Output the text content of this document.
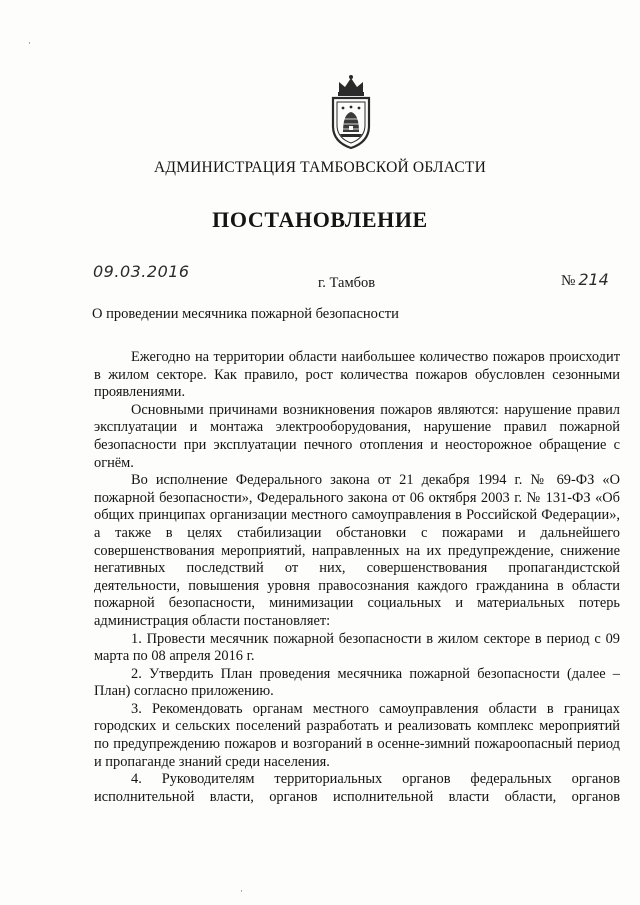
АДМИНИСТРАЦИЯ ТАМБОВСКОЙ ОБЛАСТИ
ПОСТАНОВЛЕНИЕ
09.03.2016
г. Тамбов	№ 214
О проведении месячника пожарной безопасности

Ежегодно на территории области наибольшее количество пожаров происходит в жилом секторе. Как правило, рост количества пожаров обусловлен сезонными проявлениями.

Основными причинами возникновения пожаров являются: нарушение правил эксплуатации и монтажа электрооборудования, нарушение правил пожарной безопасности при эксплуатации печного отопления и неосторожное обращение с огнём.

Во исполнение Федерального закона от 21 декабря 1994 г. № 69-ФЗ «О пожарной безопасности», Федерального закона от 06 октября 2003 г. № 131-ФЗ «Об общих принципах организации местного самоуправления в Российской Федерации», а также в целях стабилизации обстановки с пожарами и дальнейшего совершенствования мероприятий, направленных на их предупреждение, снижение негативных последствий от них, совершенствования пропагандистской деятельности, повышения уровня правосознания каждого гражданина в области пожарной безопасности, минимизации социальных и материальных потерь администрация области постановляет:

1. Провести месячник пожарной безопасности в жилом секторе в период с 09 марта по 08 апреля 2016 г.

2. Утвердить План проведения месячника пожарной безопасности (далее – План) согласно приложению.

3. Рекомендовать органам местного самоуправления области в границах городских и сельских поселений разработать и реализовать комплекс мероприятий по предупреждению пожаров и возгораний в осенне-зимний пожароопасный период и пропаганде знаний среди населения.

4. Руководителям территориальных органов федеральных органов исполнительной власти, органов исполнительной власти области, органов

·
·
